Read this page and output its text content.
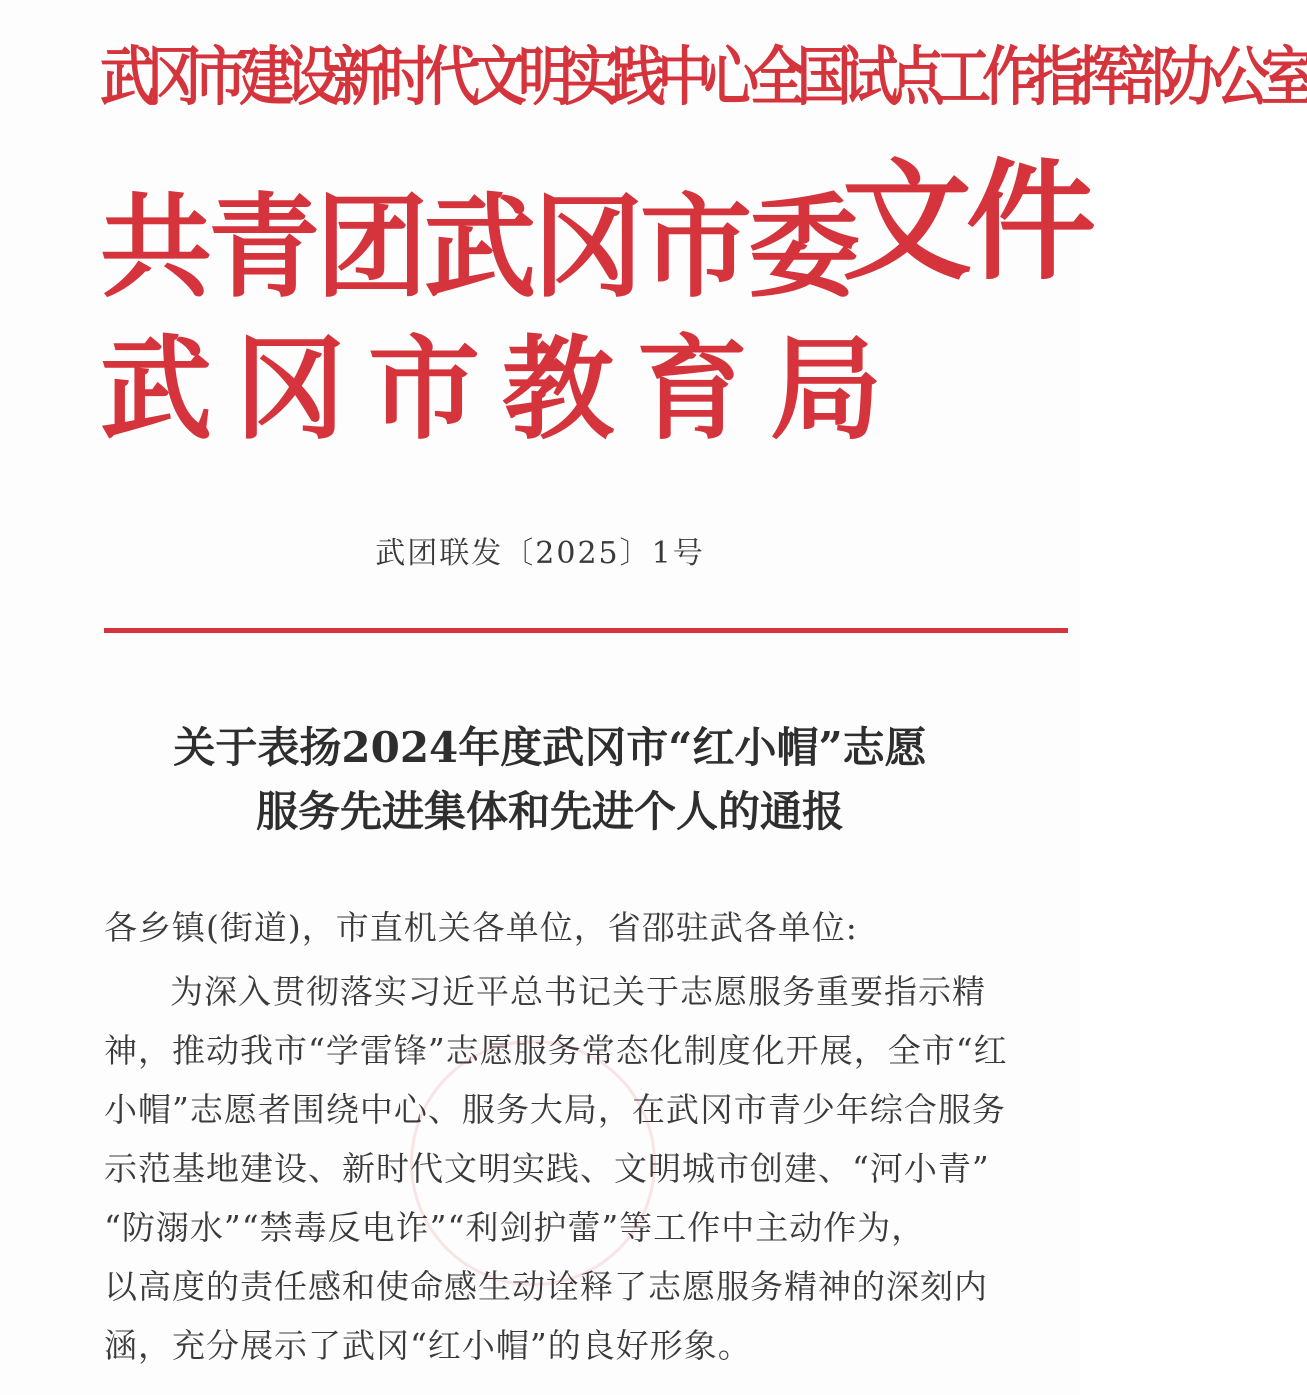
武冈市建设新时代文明实践中心全国试点工作指挥部办公室
共青团武冈市委
武 冈 市 教 育 局
文件
武团联发〔2025〕1号
关于表扬2024年度武冈市“红小帽”志愿
服务先进集体和先进个人的通报
各乡镇(街道)，市直机关各单位，省邵驻武各单位:
为深入贯彻落实习近平总书记关于志愿服务重要指示精
神，推动我市“学雷锋”志愿服务常态化制度化开展，全市“红
小帽”志愿者围绕中心、服务大局，在武冈市青少年综合服务
示范基地建设、新时代文明实践、文明城市创建、“河小青”
“防溺水”“禁毒反电诈”“利剑护蕾”等工作中主动作为，
以高度的责任感和使命感生动诠释了志愿服务精神的深刻内
涵，充分展示了武冈“红小帽”的良好形象。
